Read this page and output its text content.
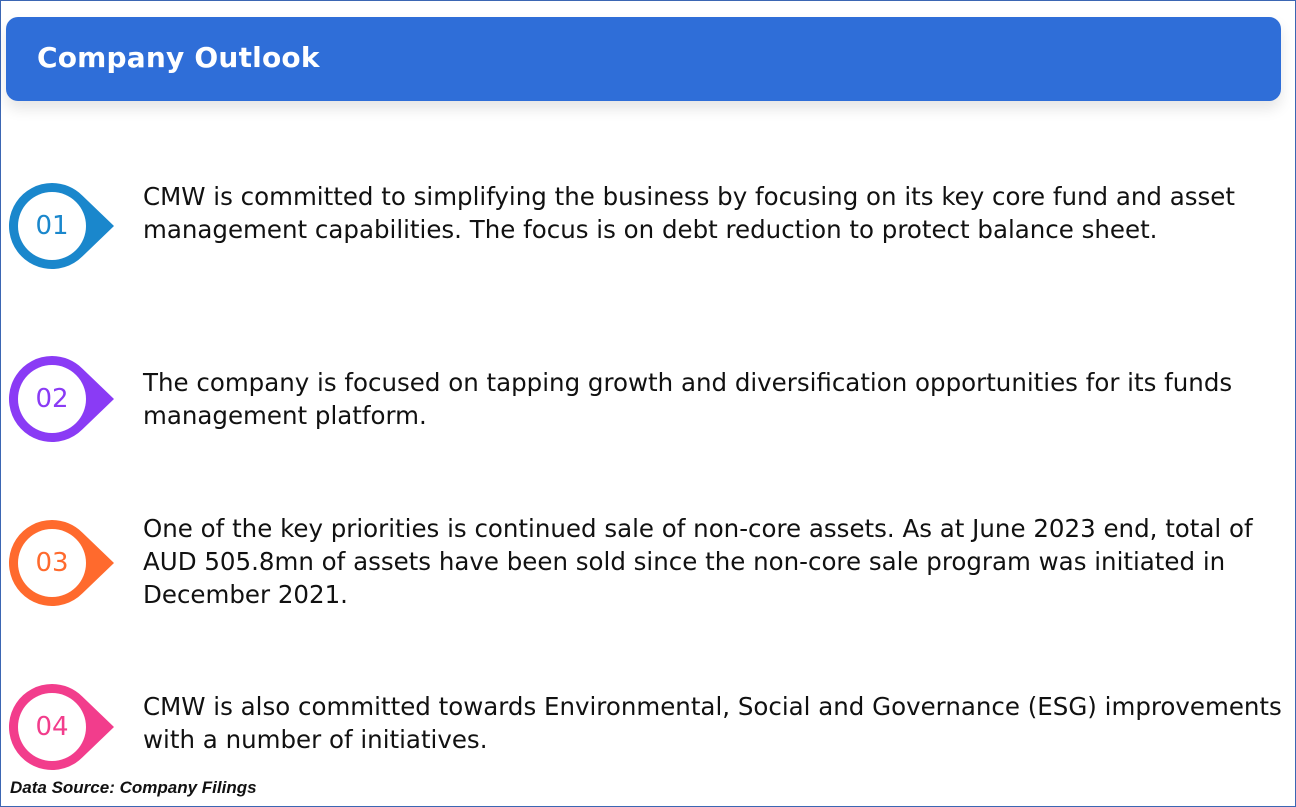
Company Outlook
01
CMW is committed to simplifying the business by focusing on its key core fund and asset management capabilities. The focus is on debt reduction to protect balance sheet.
02
The company is focused on tapping growth and diversification opportunities for its funds management platform.
03
One of the key priorities is continued sale of non-core assets. As at June 2023 end, total of AUD 505.8mn of assets have been sold since the non-core sale program was initiated in December 2021.
04
CMW is also committed towards Environmental, Social and Governance (ESG) improvements with a number of initiatives.
Data Source: Company Filings
